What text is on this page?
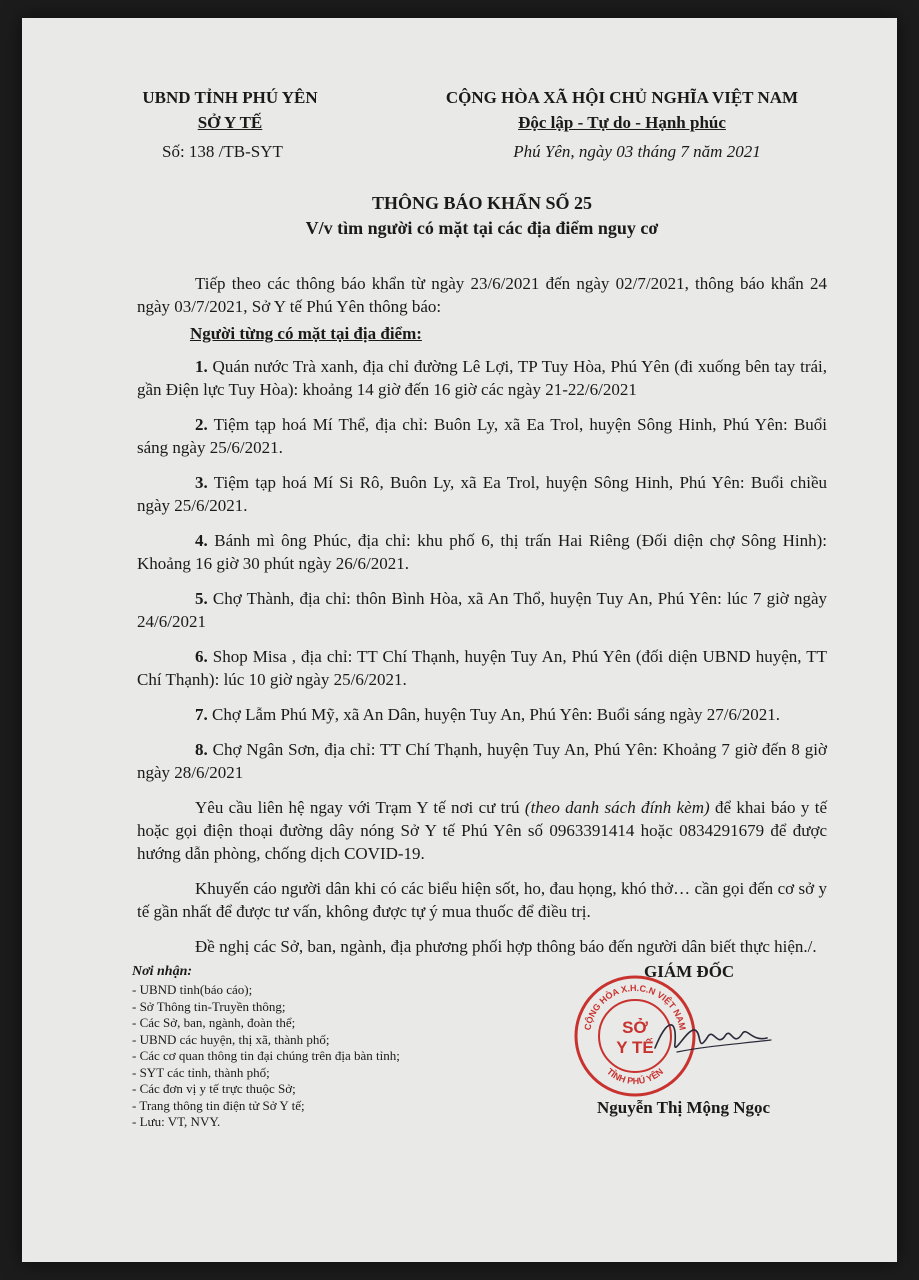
UBND TỈNH PHÚ YÊN
SỞ Y TẾ
Số: 138 /TB-SYT
CỘNG HÒA XÃ HỘI CHỦ NGHĨA VIỆT NAM
Độc lập - Tự do - Hạnh phúc
Phú Yên, ngày 03 tháng 7 năm 2021
THÔNG BÁO KHẨN SỐ 25
V/v tìm người có mặt tại các địa điểm nguy cơ

Tiếp theo các thông báo khẩn từ ngày 23/6/2021 đến ngày 02/7/2021, thông báo khẩn 24 ngày 03/7/2021, Sở Y tế Phú Yên thông báo:

Người từng có mặt tại địa điểm:

1. Quán nước Trà xanh, địa chỉ đường Lê Lợi, TP Tuy Hòa, Phú Yên (đi xuống bên tay trái, gần Điện lực Tuy Hòa): khoảng 14 giờ đến 16 giờ các ngày 21-22/6/2021

2. Tiệm tạp hoá Mí Thể, địa chỉ: Buôn Ly, xã Ea Trol, huyện Sông Hinh, Phú Yên: Buổi sáng ngày 25/6/2021.

3. Tiệm tạp hoá Mí Si Rô, Buôn Ly, xã Ea Trol, huyện Sông Hinh, Phú Yên: Buổi chiều ngày 25/6/2021.

4. Bánh mì ông Phúc, địa chỉ: khu phố 6, thị trấn Hai Riêng (Đối diện chợ Sông Hinh): Khoảng 16 giờ 30 phút ngày 26/6/2021.

5. Chợ Thành, địa chỉ: thôn Bình Hòa, xã An Thổ, huyện Tuy An, Phú Yên: lúc 7 giờ ngày 24/6/2021

6. Shop Misa , địa chỉ: TT Chí Thạnh, huyện Tuy An, Phú Yên (đối diện UBND huyện, TT Chí Thạnh): lúc 10 giờ ngày 25/6/2021.

7. Chợ Lẫm Phú Mỹ, xã An Dân, huyện Tuy An, Phú Yên: Buổi sáng ngày 27/6/2021.

8. Chợ Ngân Sơn, địa chỉ: TT Chí Thạnh, huyện Tuy An, Phú Yên: Khoảng 7 giờ đến 8 giờ ngày 28/6/2021

Yêu cầu liên hệ ngay với Trạm Y tế nơi cư trú (theo danh sách đính kèm) để khai báo y tế hoặc gọi điện thoại đường dây nóng Sở Y tế Phú Yên số 0963391414 hoặc 0834291679 để được hướng dẫn phòng, chống dịch COVID-19.

Khuyến cáo người dân khi có các biểu hiện sốt, ho, đau họng, khó thở… cần gọi đến cơ sở y tế gần nhất để được tư vấn, không được tự ý mua thuốc để điều trị.

Đề nghị các Sở, ban, ngành, địa phương phối hợp thông báo đến người dân biết thực hiện./.

Nơi nhận:
- UBND tỉnh(báo cáo);
- Sở Thông tin-Truyền thông;
- Các Sở, ban, ngành, đoàn thể;
- UBND các huyện, thị xã, thành phố;
- Các cơ quan thông tin đại chúng trên địa bàn tỉnh;
- SYT các tỉnh, thành phố;
- Các đơn vị y tế trực thuộc Sở;
- Trang thông tin điện tử Sở Y tế;
- Lưu: VT, NVY.
GIÁM ĐỐC
CỘNG HÒA X.H.C.N VIỆT NAM
TỈNH PHÚ YÊN
SỞ
Y TẾ
Nguyễn Thị Mộng Ngọc
